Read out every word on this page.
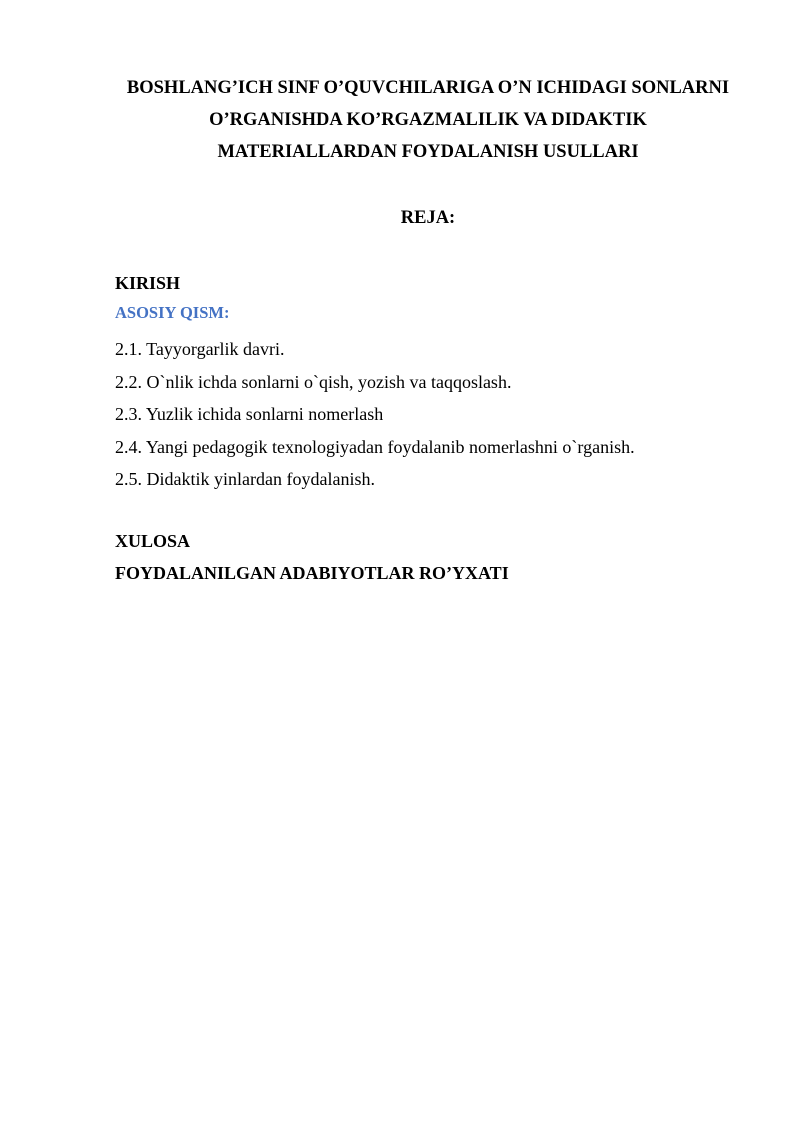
BOSHLANG’ICH SINF O’QUVCHILARIGA O’N ICHIDAGI SONLARNI
O’RGANISHDA KO’RGAZMALILIK VA DIDAKTIK
MATERIALLARDAN FOYDALANISH USULLARI
REJA:

KIRISH

ASOSIY QISM:

2.1. Tayyorgarlik davri.
2.2. O`nlik ichda sonlarni o`qish, yozish va taqqoslash.
2.3. Yuzlik ichida sonlarni nomerlash
2.4. Yangi pedagogik texnologiyadan foydalanib nomerlashni o`rganish.
2.5. Didaktik yinlardan foydalanish.

XULOSA

FOYDALANILGAN ADABIYOTLAR RO’YXATI
